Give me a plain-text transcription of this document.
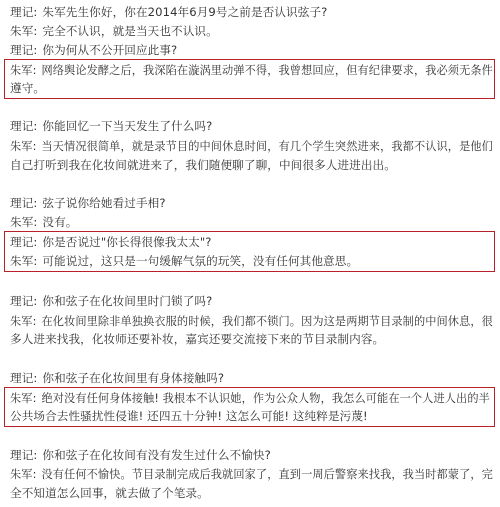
理记: 朱军先生你好，你在2014年6月9号之前是否认识弦子?
朱军: 完全不认识，就是当天也不认识。
理记: 你为何从不公开回应此事?
朱军: 网络舆论发酵之后，我深陷在漩涡里动弹不得，我曾想回应，但有纪律要求，我必须无条件
遵守。
理记: 你能回忆一下当天发生了什么吗?
朱军: 当天情况很简单，就是录节目的中间休息时间，有几个学生突然进来，我都不认识，是他们
自己打听到我在化妆间就进来了，我们随便聊了聊，中间很多人进进出出。
理记: 弦子说你给她看过手相?
朱军: 没有。
理记: 你是否说过"你长得很像我太太"?
朱军: 可能说过，这只是一句缓解气氛的玩笑，没有任何其他意思。
理记: 你和弦子在化妆间里时门锁了吗?
朱军: 在化妆间里除非单独换衣服的时候，我们都不锁门。因为这是两期节目录制的中间休息，很
多人进来找我，化妆师还要补妆，嘉宾还要交流接下来的节目录制内容。
理记: 你和弦子在化妆间里有身体接触吗?
朱军: 绝对没有任何身体接触! 我根本不认识她，作为公众人物，我怎么可能在一个人进人出的半
公共场合去性骚扰性侵谁! 还四五十分钟! 这怎么可能! 这纯粹是污蔑!
理记: 你和弦子在化妆间有没有发生过什么不愉快?
朱军: 没有任何不愉快。节目录制完成后我就回家了，直到一周后警察来找我，我当时都蒙了，完
全不知道怎么回事，就去做了个笔录。
